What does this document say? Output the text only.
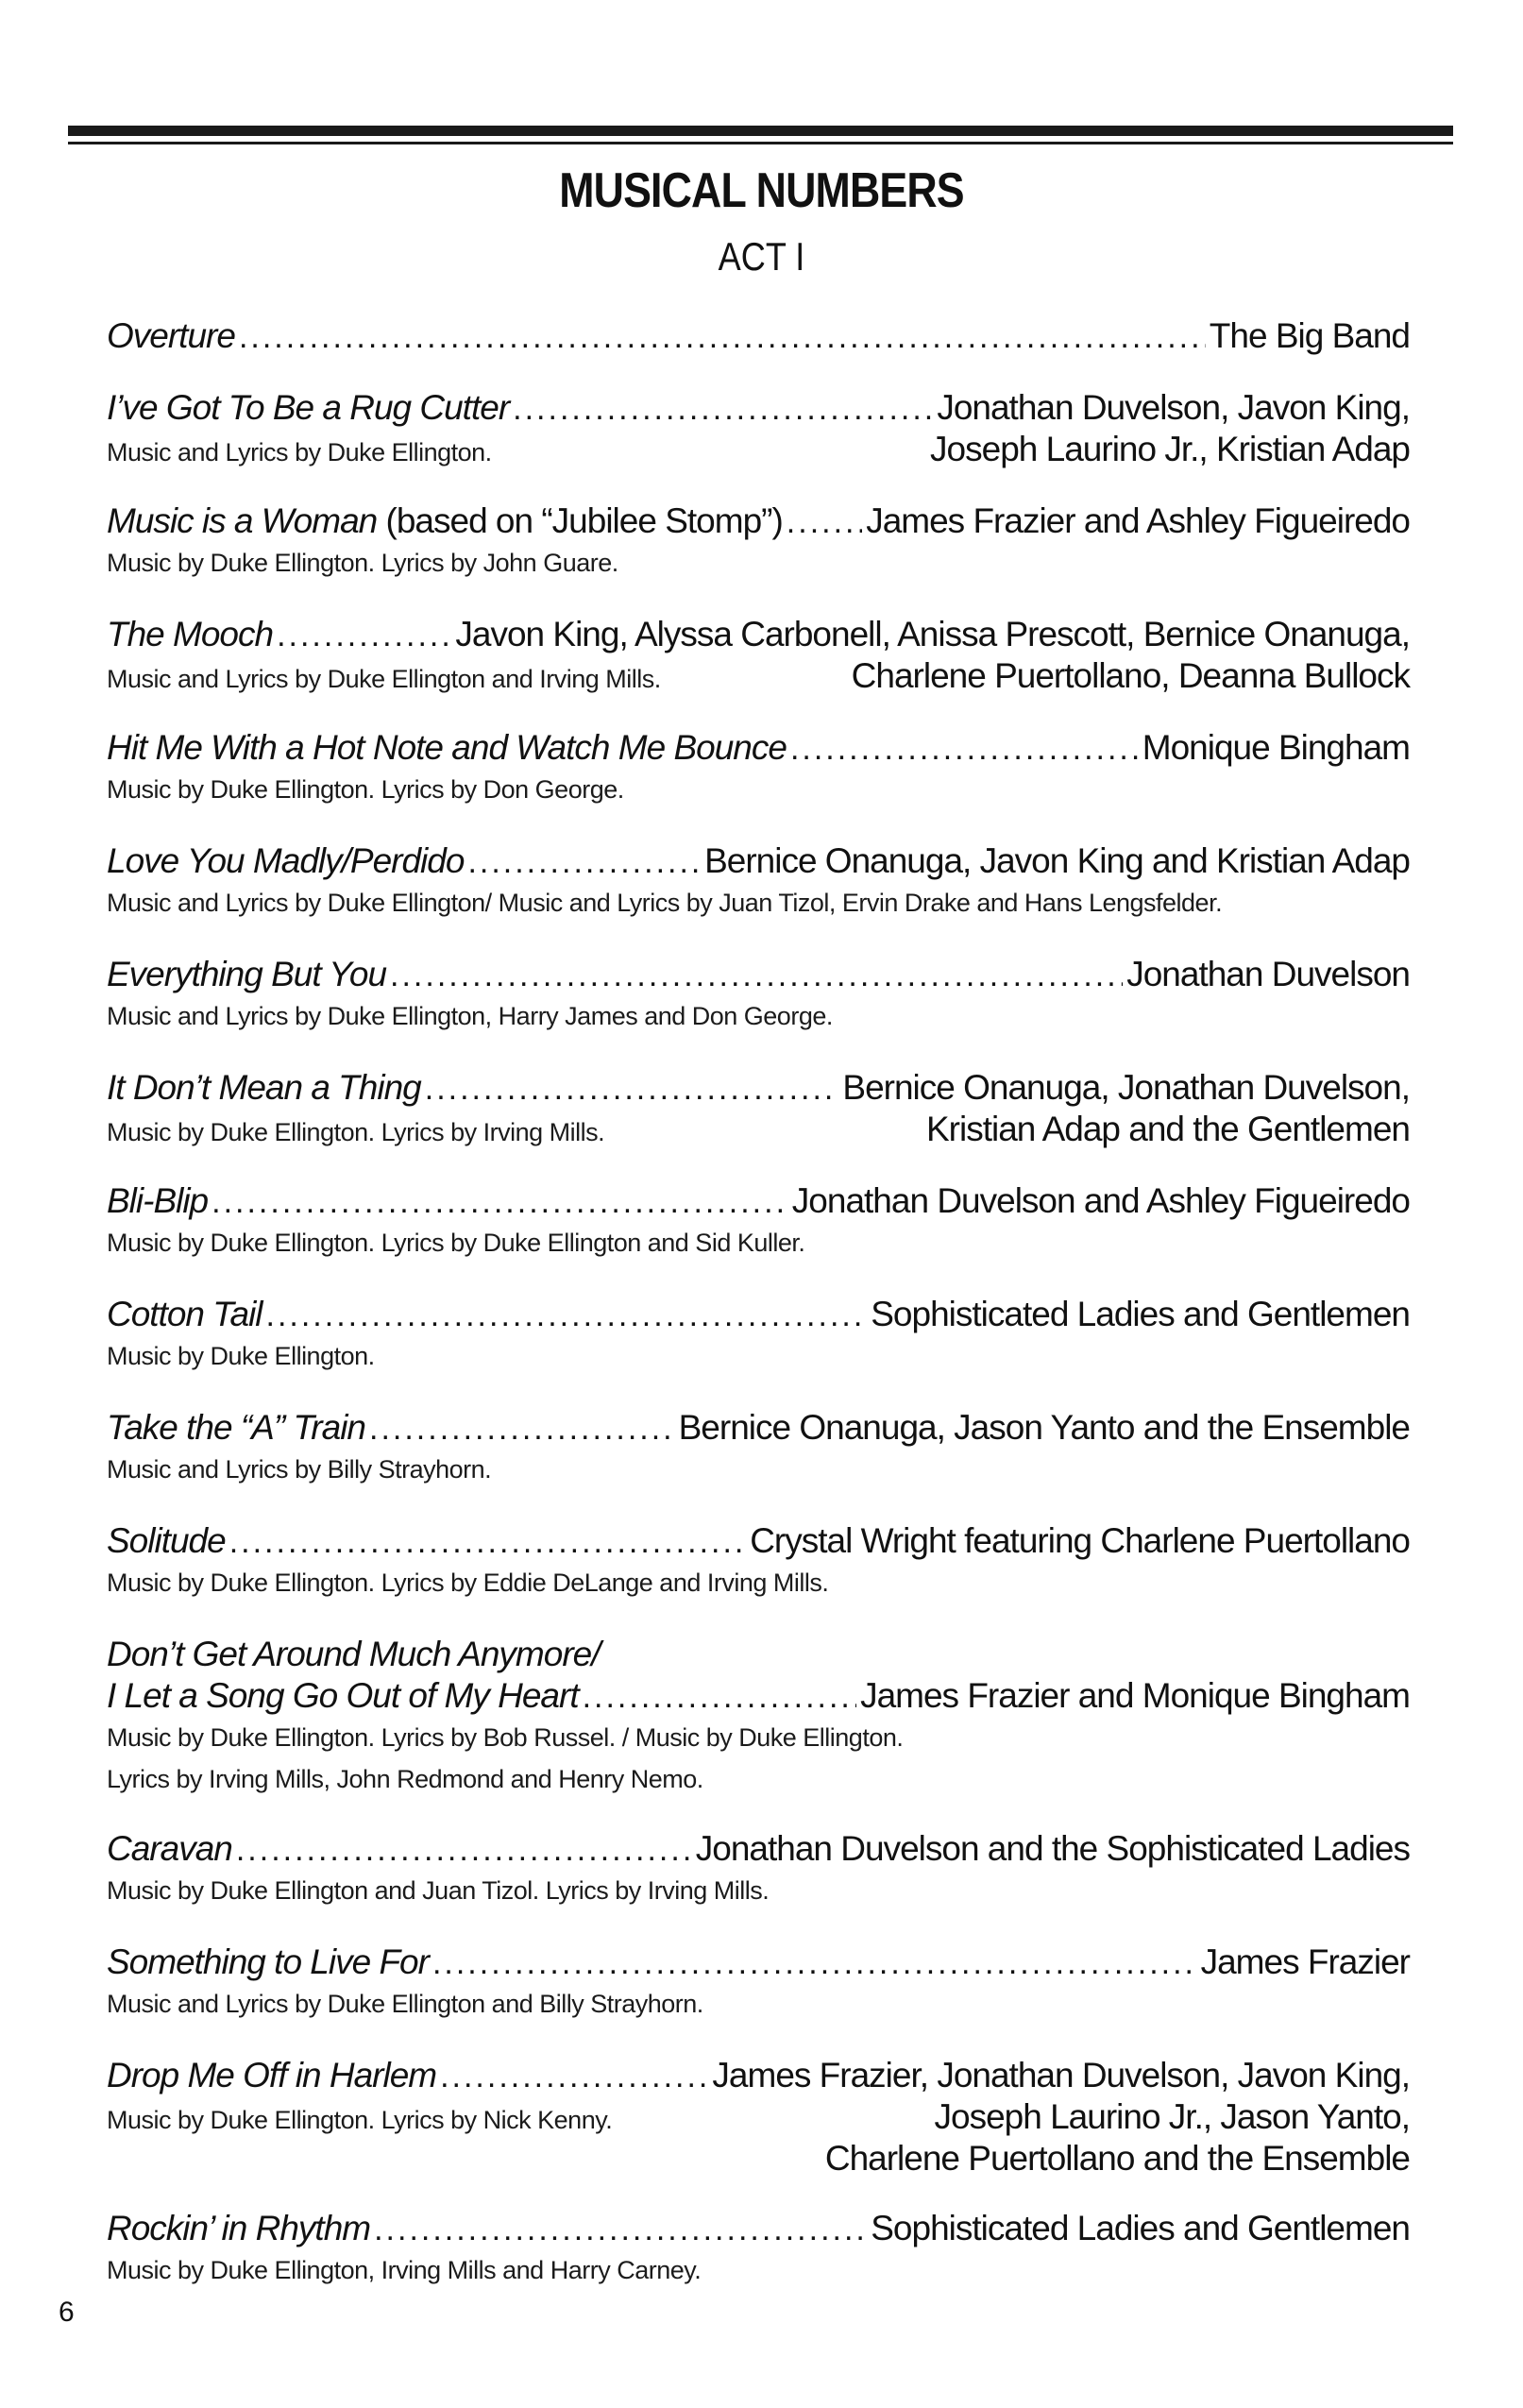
MUSICAL NUMBERS
ACT I
Overture .....	The Big Band
I’ve Got To Be a Rug Cutter .....	Jonathan Duvelson, Javon King,
Music and Lyrics by Duke Ellington.	Joseph Laurino Jr., Kristian Adap
Music is a Woman (based on “Jubilee Stomp”) ..... James Frazier and Ashley Figueiredo
Music by Duke Ellington. Lyrics by John Guare.
The Mooch .....	Javon King, Alyssa Carbonell, Anissa Prescott, Bernice Onanuga,
Music and Lyrics by Duke Ellington and Irving Mills.	Charlene Puertollano, Deanna Bullock
Hit Me With a Hot Note and Watch Me Bounce .....	Monique Bingham
Music by Duke Ellington. Lyrics by Don George.
Love You Madly/Perdido .....	Bernice Onanuga, Javon King and Kristian Adap
Music and Lyrics by Duke Ellington/ Music and Lyrics by Juan Tizol, Ervin Drake and Hans Lengsfelder.
Everything But You .....	Jonathan Duvelson
Music and Lyrics by Duke Ellington, Harry James and Don George.
It Don’t Mean a Thing .....	Bernice Onanuga, Jonathan Duvelson,
Music by Duke Ellington. Lyrics by Irving Mills.	Kristian Adap and the Gentlemen
Bli-Blip .....	Jonathan Duvelson and Ashley Figueiredo
Music by Duke Ellington. Lyrics by Duke Ellington and Sid Kuller.
Cotton Tail .....	Sophisticated Ladies and Gentlemen
Music by Duke Ellington.
Take the “A” Train .....	Bernice Onanuga, Jason Yanto and the Ensemble
Music and Lyrics by Billy Strayhorn.
Solitude .....	Crystal Wright featuring Charlene Puertollano
Music by Duke Ellington. Lyrics by Eddie DeLange and Irving Mills.
Don’t Get Around Much Anymore/
I Let a Song Go Out of My Heart .....	James Frazier and Monique Bingham
Music by Duke Ellington. Lyrics by Bob Russel. / Music by Duke Ellington.
Lyrics by Irving Mills, John Redmond and Henry Nemo.
Caravan .....	Jonathan Duvelson and the Sophisticated Ladies
Music by Duke Ellington and Juan Tizol. Lyrics by Irving Mills.
Something to Live For .....	James Frazier
Music and Lyrics by Duke Ellington and Billy Strayhorn.
Drop Me Off in Harlem .....	James Frazier, Jonathan Duvelson, Javon King,
Music by Duke Ellington. Lyrics by Nick Kenny.	Joseph Laurino Jr., Jason Yanto,
Charlene Puertollano and the Ensemble
Rockin’ in Rhythm .....	Sophisticated Ladies and Gentlemen
Music by Duke Ellington, Irving Mills and Harry Carney.
6
